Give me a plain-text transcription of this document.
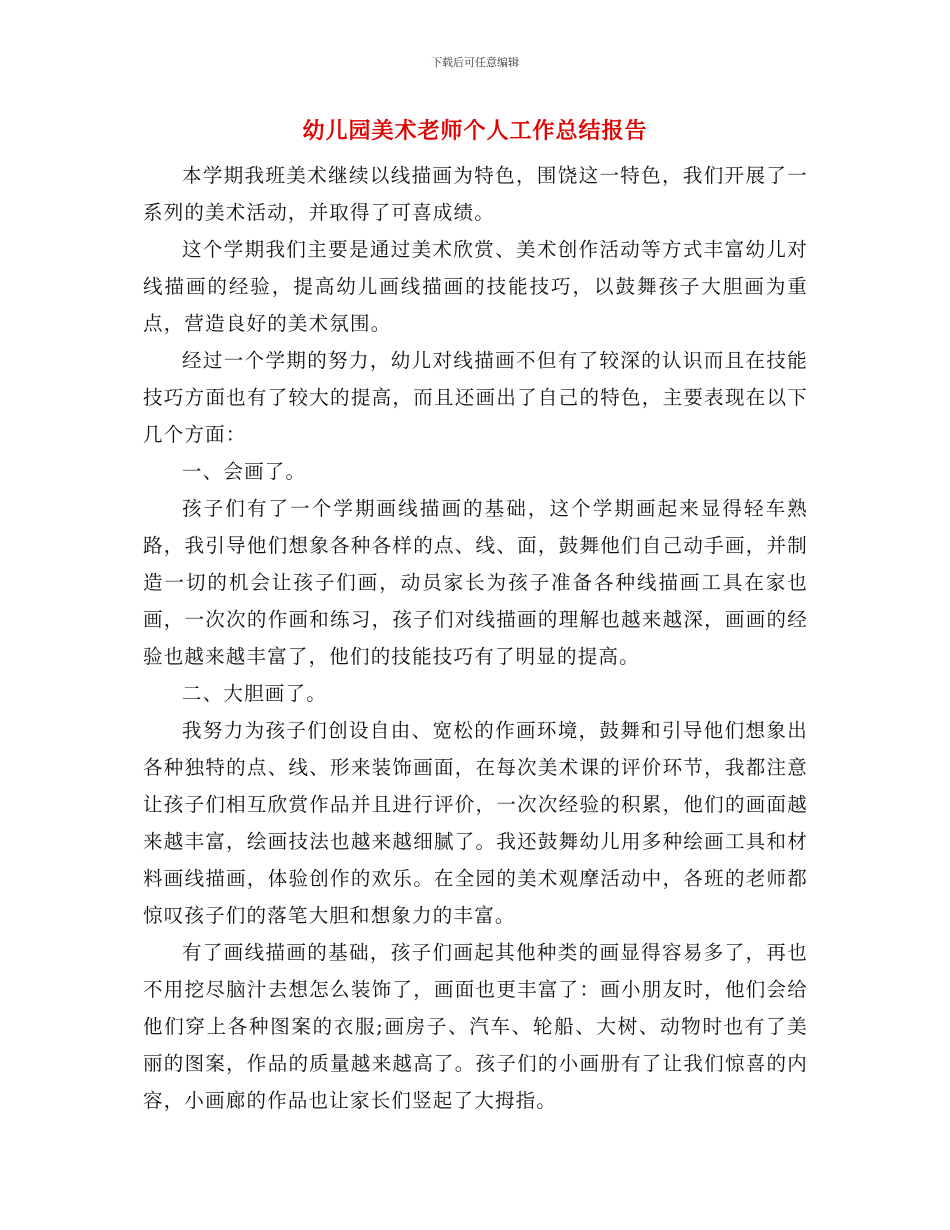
下载后可任意编辑
幼儿园美术老师个人工作总结报告

本学期我班美术继续以线描画为特色，围饶这一特色，我们开展了一系列的美术活动，并取得了可喜成绩。

这个学期我们主要是通过美术欣赏、美术创作活动等方式丰富幼儿对线描画的经验，提高幼儿画线描画的技能技巧，以鼓舞孩子大胆画为重点，营造良好的美术氛围。

经过一个学期的努力，幼儿对线描画不但有了较深的认识而且在技能技巧方面也有了较大的提高，而且还画出了自己的特色，主要表现在以下几个方面：

一、会画了。

孩子们有了一个学期画线描画的基础，这个学期画起来显得轻车熟路，我引导他们想象各种各样的点、线、面，鼓舞他们自己动手画，并制造一切的机会让孩子们画，动员家长为孩子准备各种线描画工具在家也画，一次次的作画和练习，孩子们对线描画的理解也越来越深，画画的经验也越来越丰富了，他们的技能技巧有了明显的提高。

二、大胆画了。

我努力为孩子们创设自由、宽松的作画环境，鼓舞和引导他们想象出各种独特的点、线、形来装饰画面，在每次美术课的评价环节，我都注意让孩子们相互欣赏作品并且进行评价，一次次经验的积累，他们的画面越来越丰富，绘画技法也越来越细腻了。我还鼓舞幼儿用多种绘画工具和材料画线描画，体验创作的欢乐。在全园的美术观摩活动中，各班的老师都惊叹孩子们的落笔大胆和想象力的丰富。

有了画线描画的基础，孩子们画起其他种类的画显得容易多了，再也不用挖尽脑汁去想怎么装饰了，画面也更丰富了：画小朋友时，他们会给他们穿上各种图案的衣服;画房子、汽车、轮船、大树、动物时也有了美丽的图案，作品的质量越来越高了。孩子们的小画册有了让我们惊喜的内容，小画廊的作品也让家长们竖起了大拇指。
